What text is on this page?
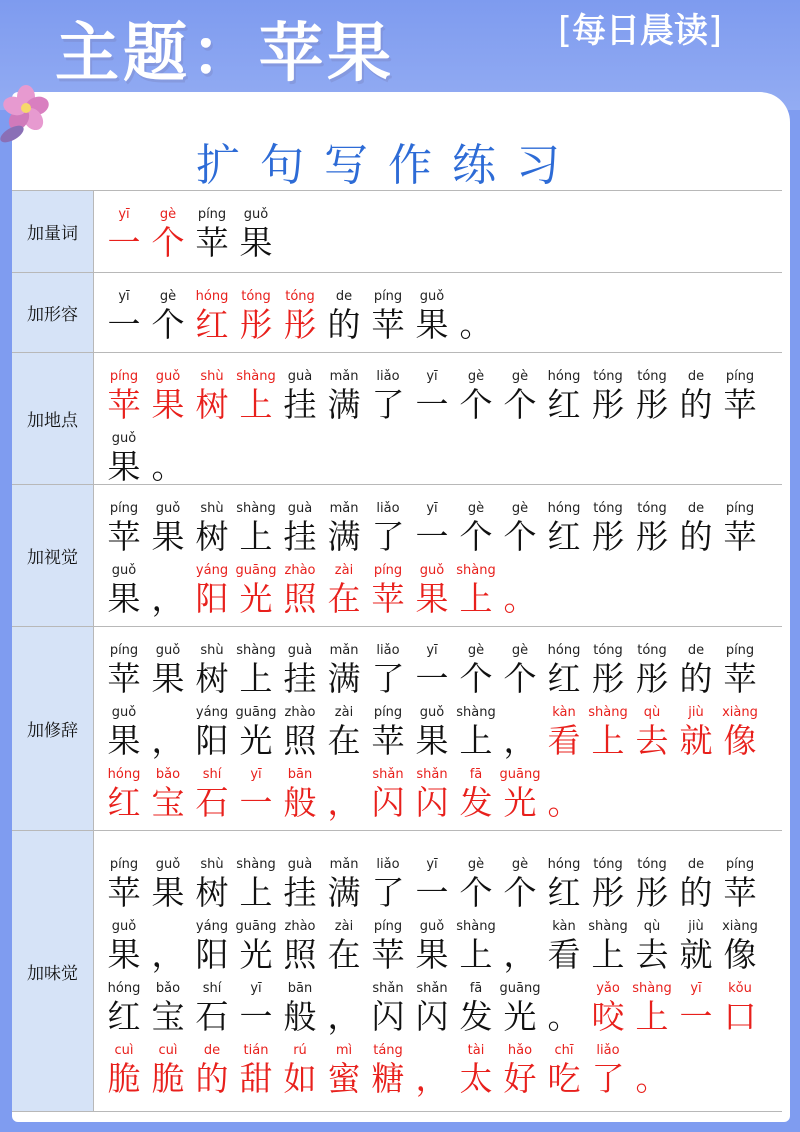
主题：苹果	[每日晨读]
扩句写作练习
加量词
yī
一
gè
个
píng
苹
guǒ
果
加形容
yī
一
gè
个
hóng
红
tóng
彤
tóng
彤
de
的
píng
苹
guǒ
果 。
加地点
píng
苹
guǒ
果
shù
树
shàng
上
guà
挂
mǎn
满
liǎo
了
yī
一
gè
个
gè
个
hóng
红
tóng
彤
tóng
彤
de
的
píng
苹
guǒ
果 。
加视觉
píng
苹
guǒ
果
shù
树
shàng
上
guà
挂
mǎn
满
liǎo
了
yī
一
gè
个
gè
个
hóng
红
tóng
彤
tóng
彤
de
的
píng
苹
guǒ
果 ，
yáng
阳
guāng
光
zhào
照
zài
在
píng
苹
guǒ
果
shàng
上 。
加修辞
píng
苹
guǒ
果
shù
树
shàng
上
guà
挂
mǎn
满
liǎo
了
yī
一
gè
个
gè
个
hóng
红
tóng
彤
tóng
彤
de
的
píng
苹
guǒ
果 ，
yáng
阳
guāng
光
zhào
照
zài
在
píng
苹
guǒ
果
shàng
上 ，
kàn
看
shàng
上
qù
去
jiù
就
xiàng
像
hóng
红
bǎo
宝
shí
石
yī
一
bān
般 ，
shǎn
闪
shǎn
闪
fā
发
guāng
光 。
加味觉
píng
苹
guǒ
果
shù
树
shàng
上
guà
挂
mǎn
满
liǎo
了
yī
一
gè
个
gè
个
hóng
红
tóng
彤
tóng
彤
de
的
píng
苹
guǒ
果 ，
yáng
阳
guāng
光
zhào
照
zài
在
píng
苹
guǒ
果
shàng
上 ，
kàn
看
shàng
上
qù
去
jiù
就
xiàng
像
hóng
红
bǎo
宝
shí
石
yī
一
bān
般 ，
shǎn
闪
shǎn
闪
fā
发
guāng
光 。
yǎo
咬
shàng
上
yī
一
kǒu
口
cuì
脆
cuì
脆
de
的
tián
甜
rú
如
mì
蜜
táng
糖 ，
tài
太
hǎo
好
chī
吃
liǎo
了 。
